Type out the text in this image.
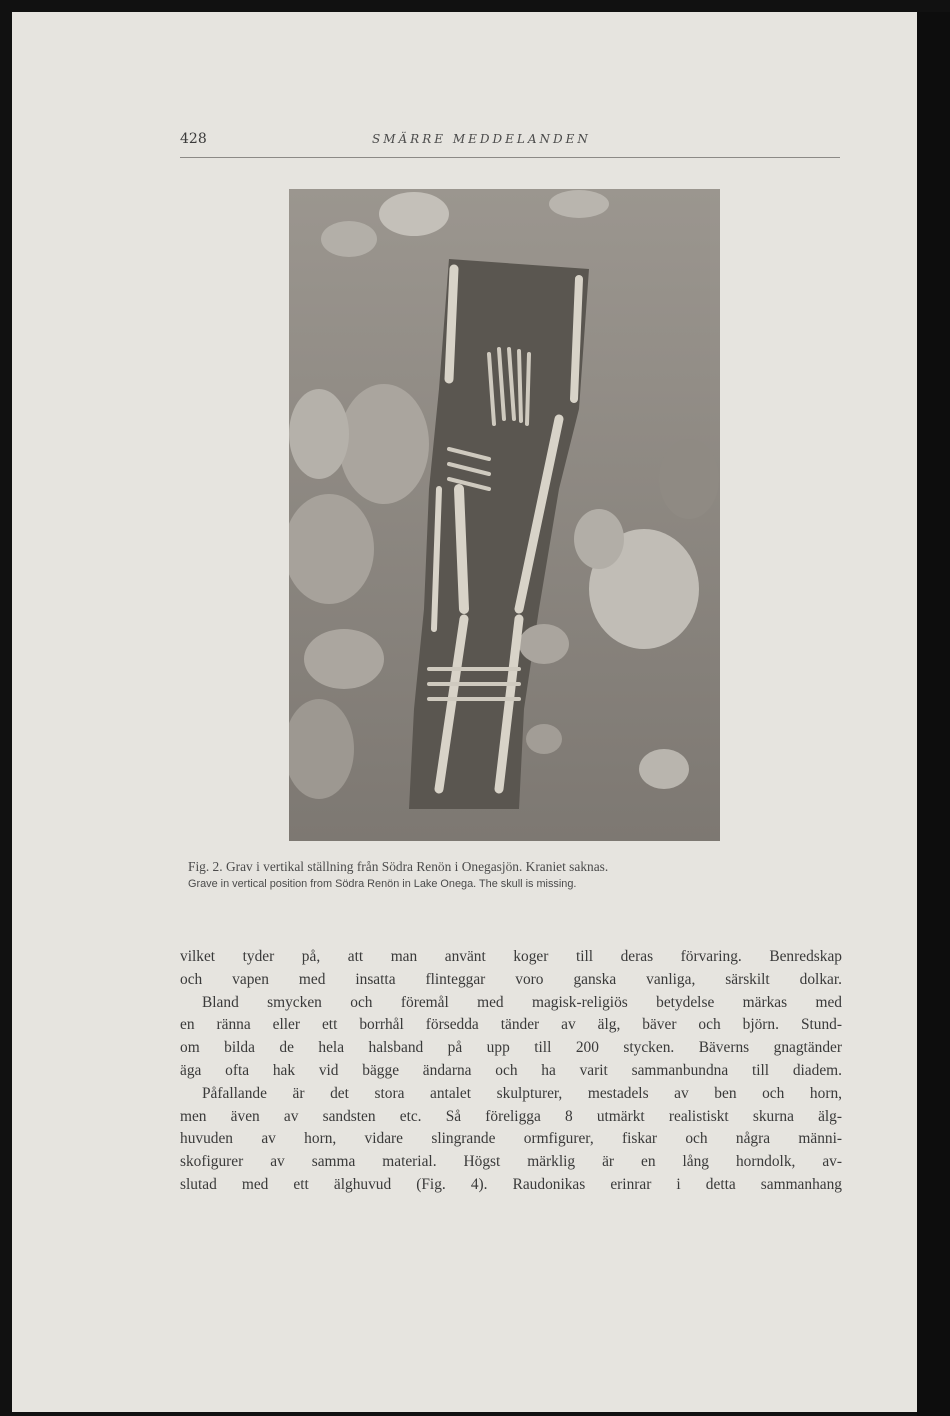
428	SMÄRRE MEDDELANDEN
Fig. 2. Grav i vertikal ställning från Södra Renön i Onegasjön. Kraniet saknas.
Grave in vertical position from Södra Renön in Lake Onega. The skull is missing.
vilket tyder på, att man använt koger till deras förvaring. Benredskap
och vapen med insatta flinteggar voro ganska vanliga, särskilt dolkar.
Bland smycken och föremål med magisk-religiös betydelse märkas med
en ränna eller ett borrhål försedda tänder av älg, bäver och björn. Stund-
om bilda de hela halsband på upp till 200 stycken. Bäverns gnagtänder
äga ofta hak vid bägge ändarna och ha varit sammanbundna till diadem.
Påfallande är det stora antalet skulpturer, mestadels av ben och horn,
men även av sandsten etc. Så föreligga 8 utmärkt realistiskt skurna älg-
huvuden av horn, vidare slingrande ormfigurer, fiskar och några männi-
skofigurer av samma material. Högst märklig är en lång horndolk, av-
slutad med ett älghuvud (Fig. 4). Raudonikas erinrar i detta sammanhang
